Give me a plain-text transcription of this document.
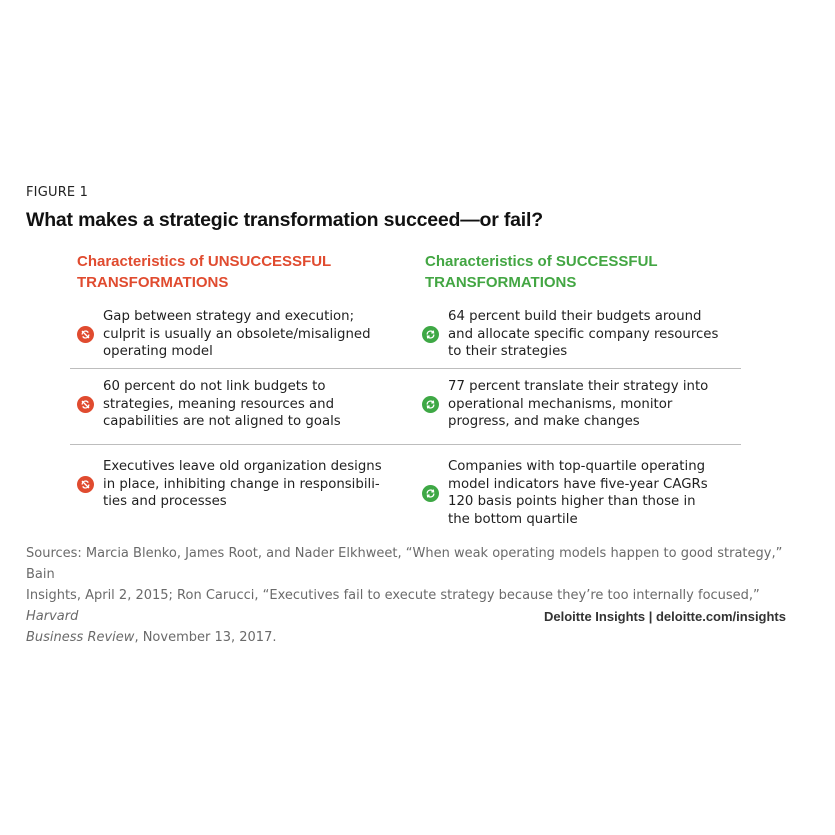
FIGURE 1
What makes a strategic transformation succeed—or fail?
Characteristics of UNSUCCESSFUL
TRANSFORMATIONS
Characteristics of SUCCESSFUL
TRANSFORMATIONS
Gap between strategy and execution;
culprit is usually an obsolete/misaligned
operating model
64 percent build their budgets around
and allocate specific company resources
to their strategies
60 percent do not link budgets to
strategies, meaning resources and
capabilities are not aligned to goals
77 percent translate their strategy into
operational mechanisms, monitor
progress, and make changes
Executives leave old organization designs
in place, inhibiting change in responsibili-
ties and processes
Companies with top-quartile operating
model indicators have five-year CAGRs
120 basis points higher than those in
the bottom quartile
Sources: Marcia Blenko, James Root, and Nader Elkhweet, “When weak operating models happen to good strategy,” Bain
Insights, April 2, 2015; Ron Carucci, “Executives fail to execute strategy because they’re too internally focused,” Harvard
Business Review, November 13, 2017.
Deloitte Insights | deloitte.com/insights
